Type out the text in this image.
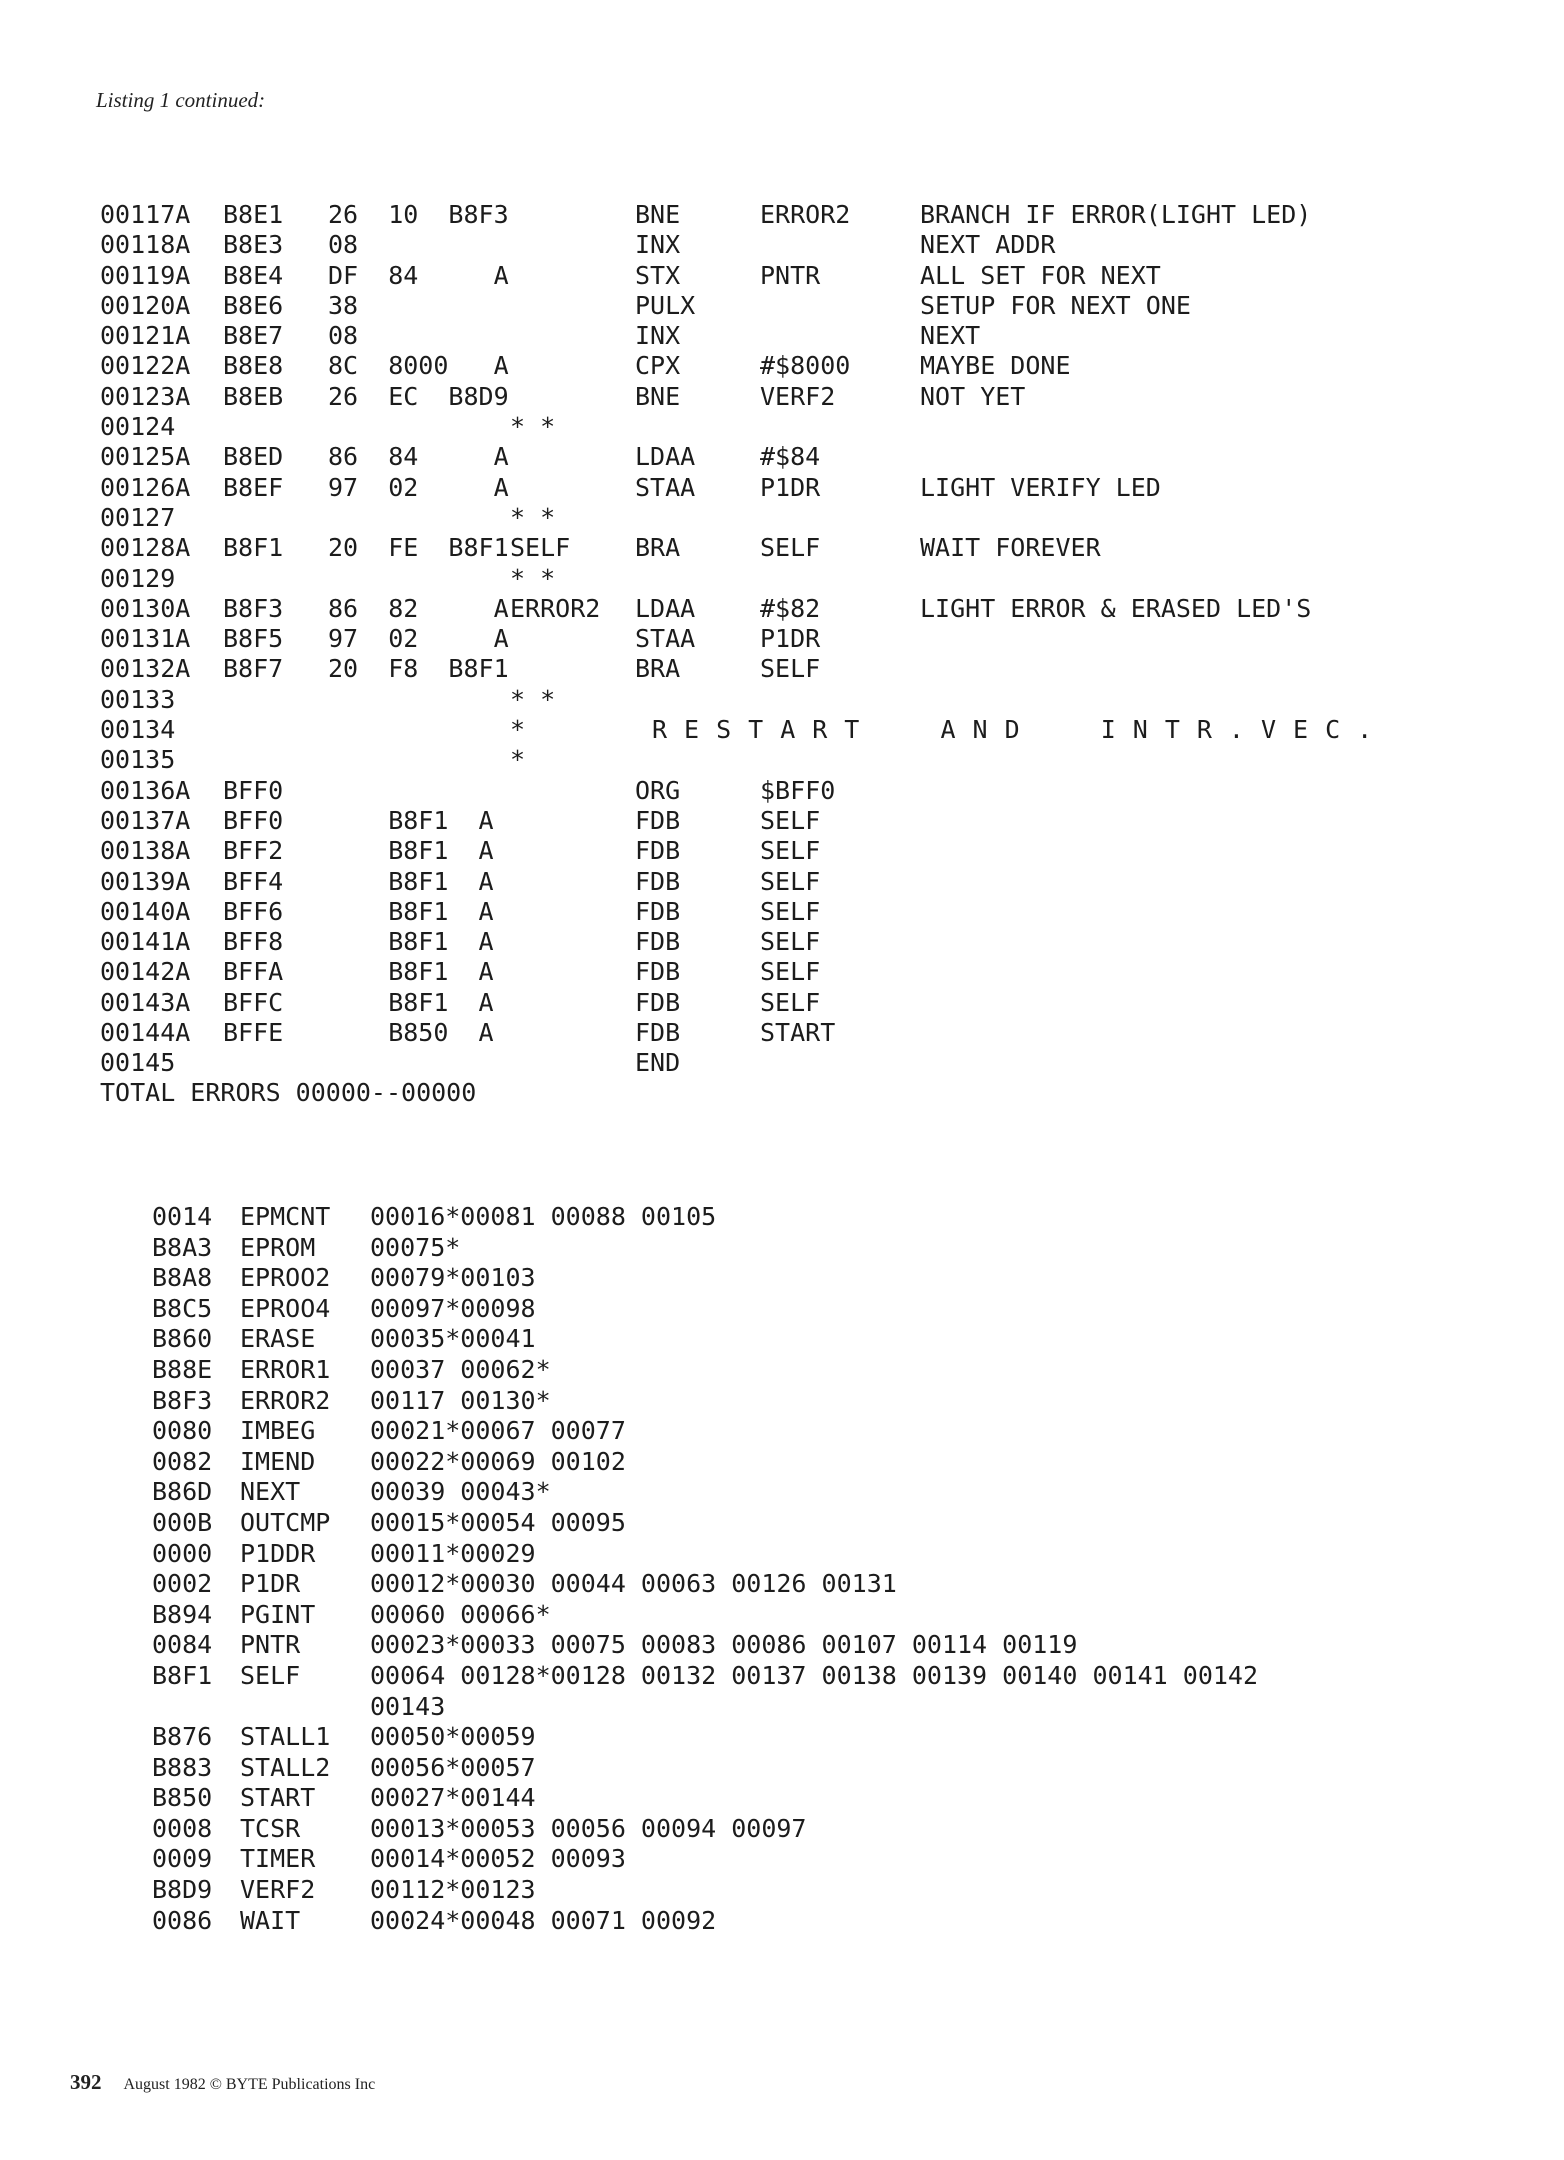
Listing 1 continued:
00117A B8E1 26  10  B8F3	BNE	ERROR2	BRANCH IF ERROR(LIGHT LED)
00118A B8E3 08	INX	NEXT ADDR
00119A B8E4 DF  84     A	STX	PNTR	ALL SET FOR NEXT
00120A B8E6 38	PULX	SETUP FOR NEXT ONE
00121A B8E7 08	INX	NEXT
00122A B8E8 8C  8000   A	CPX	#$8000	MAYBE DONE
00123A B8EB 26  EC  B8D9	BNE	VERF2	NOT YET
00124	* *
00125A B8ED 86  84     A	LDAA	#$84
00126A B8EF 97  02     A	STAA	P1DR	LIGHT VERIFY LED
00127	* *
00128A B8F1 20  FE  B8F1 SELF	BRA	SELF	WAIT FOREVER
00129	* *
00130A B8F3 86  82     A ERROR2 LDAA	#$82	LIGHT ERROR & ERASED LED'S
00131A B8F5 97  02     A	STAA	P1DR
00132A B8F7 20  F8  B8F1	BRA	SELF
00133	* *
00134	*	RESTART  AND  INTR.VEC.
00135	*
00136A BFF0	ORG	$BFF0
00137A BFF0 B8F1  A	FDB	SELF
00138A BFF2 B8F1  A	FDB	SELF
00139A BFF4 B8F1  A	FDB	SELF
00140A BFF6 B8F1  A	FDB	SELF
00141A BFF8 B8F1  A	FDB	SELF
00142A BFFA B8F1  A	FDB	SELF
00143A BFFC B8F1  A	FDB	SELF
00144A BFFE B850  A	FDB	START
00145	END
TOTAL ERRORS 00000--00000
0014 EPMCNT 00016*00081 00088 00105
B8A3 EPROM 00075*
B8A8 EPROO2 00079*00103
B8C5 EPROO4 00097*00098
B860 ERASE 00035*00041
B88E ERROR1 00037 00062*
B8F3 ERROR2 00117 00130*
0080 IMBEG 00021*00067 00077
0082 IMEND 00022*00069 00102
B86D NEXT	00039 00043*
000B OUTCMP 00015*00054 00095
0000 P1DDR 00011*00029
0002 P1DR	00012*00030 00044 00063 00126 00131
B894 PGINT 00060 00066*
0084 PNTR	00023*00033 00075 00083 00086 00107 00114 00119
B8F1 SELF	00064 00128*00128 00132 00137 00138 00139 00140 00141 00142
00143
B876 STALL1 00050*00059
B883 STALL2 00056*00057
B850 START 00027*00144
0008 TCSR	00013*00053 00056 00094 00097
0009 TIMER 00014*00052 00093
B8D9 VERF2 00112*00123
0086 WAIT	00024*00048 00071 00092
392 August 1982 © BYTE Publications Inc
